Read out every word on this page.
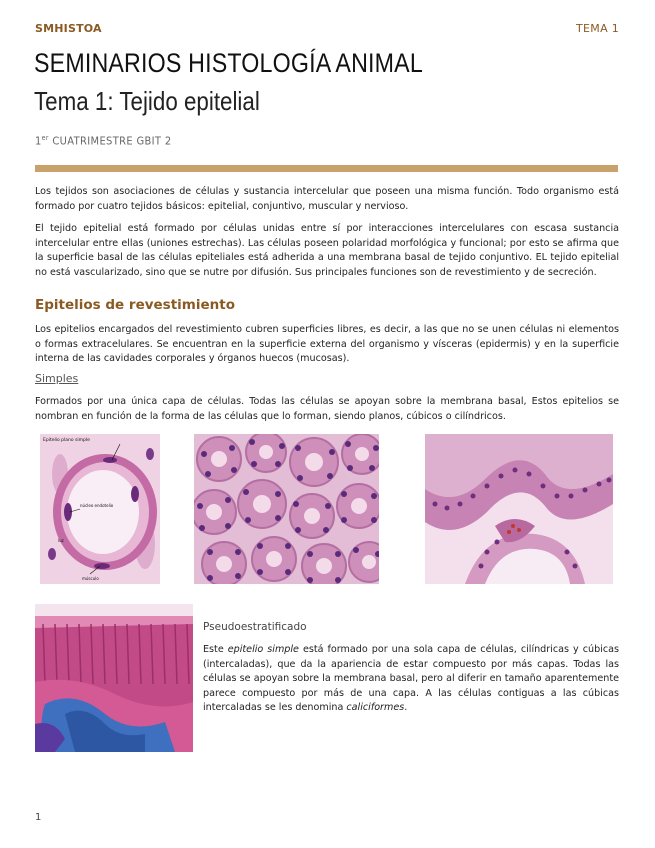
SMHISTOA	TEMA 1
SEMINARIOS HISTOLOGÍA ANIMAL
Tema 1: Tejido epitelial
1er CUATRIMESTRE GBIT 2
Los tejidos son asociaciones de células y sustancia intercelular que poseen una misma función. Todo organismo está formado por cuatro tejidos básicos: epitelial, conjuntivo, muscular y nervioso.
El tejido epitelial está formado por células unidas entre sí por interacciones intercelulares con escasa sustancia intercelular entre ellas (uniones estrechas). Las células poseen polaridad morfológica y funcional; por esto se afirma que la superficie basal de las células epiteliales está adherida a una membrana basal de tejido conjuntivo. EL tejido epitelial no está vascularizado, sino que se nutre por difusión. Sus principales funciones son de revestimiento y de secreción.
Epitelios de revestimiento
Los epitelios encargados del revestimiento cubren superficies libres, es decir, a las que no se unen células ni elementos o formas extracelulares. Se encuentran en la superficie externa del organismo y vísceras (epidermis) y en la superficie interna de las cavidades corporales y órganos huecos (mucosas).
Simples
Formados por una única capa de células. Todas las células se apoyan sobre la membrana basal, Estos epitelios se nombran en función de la forma de las células que lo forman, siendo planos, cúbicos o cilíndricos.
Epitelio plano simple
núcleo endotelio
luz
músculo
Pseudoestratificado
Este epitelio simple está formado por una sola capa de células, cilíndricas y cúbicas (intercaladas), que da la apariencia de estar compuesto por más capas. Todas las células se apoyan sobre la membrana basal, pero al diferir en tamaño aparentemente parece compuesto por más de una capa. A las células contiguas a las cúbicas intercaladas se les denomina caliciformes.
1
